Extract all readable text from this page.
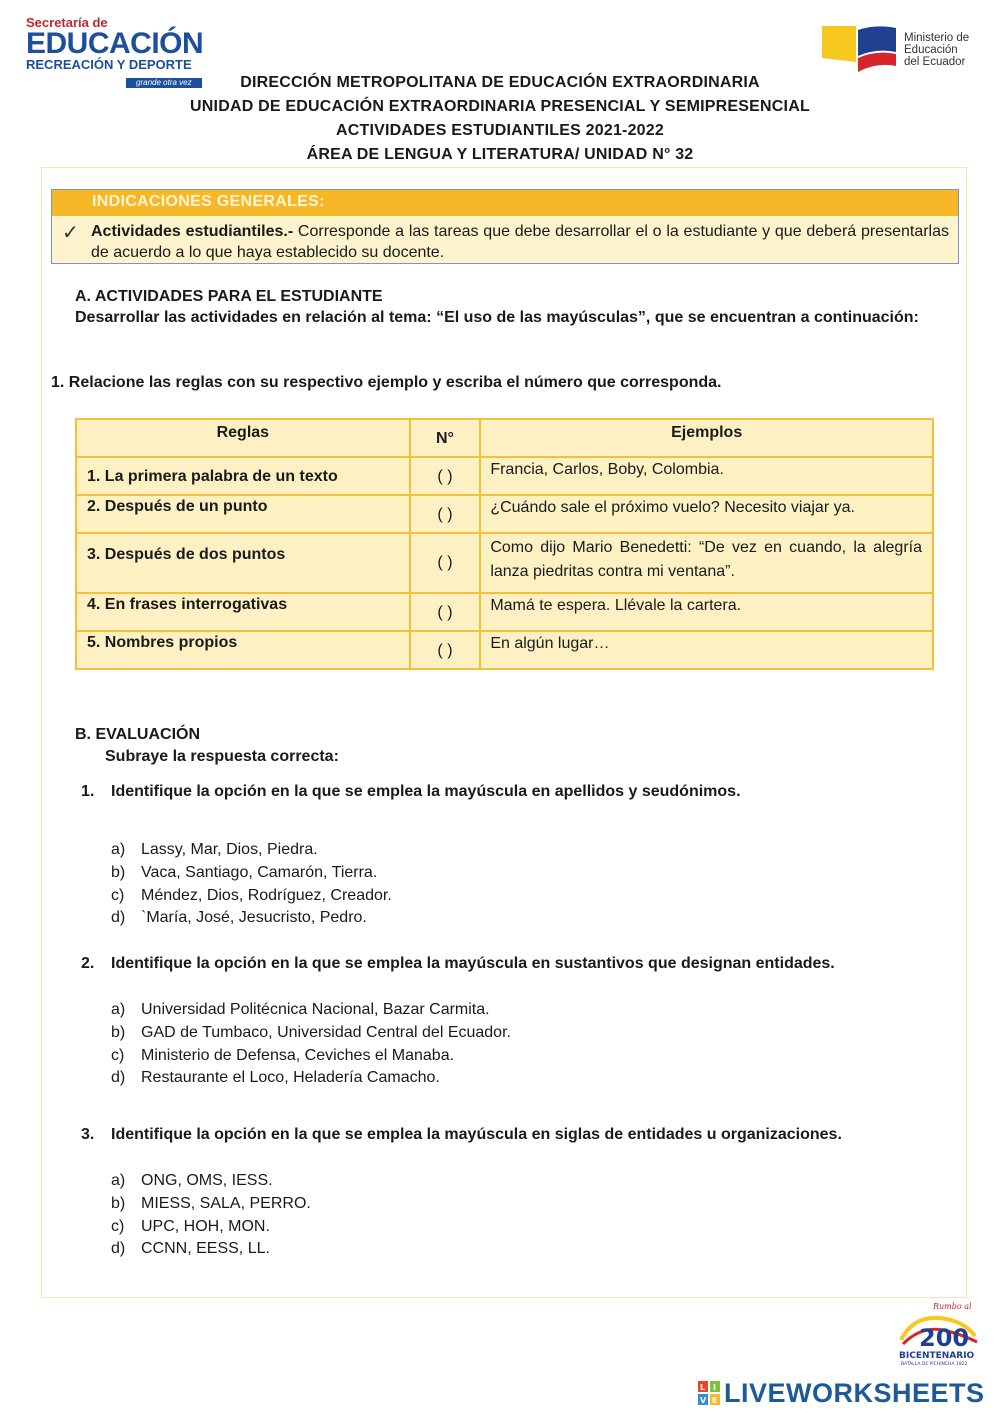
Secretaría de
EDUCACIÓN
RECREACIÓN Y DEPORTE
grande otra vez
Ministerio de
Educación
del Ecuador
DIRECCIÓN METROPOLITANA DE EDUCACIÓN EXTRAORDINARIA
UNIDAD DE EDUCACIÓN EXTRAORDINARIA PRESENCIAL Y SEMIPRESENCIAL
ACTIVIDADES ESTUDIANTILES 2021-2022
ÁREA DE LENGUA Y LITERATURA/ UNIDAD N° 32
INDICACIONES GENERALES:
✓ Actividades estudiantiles.- Corresponde a las tareas que debe desarrollar el o la estudiante y que deberá presentarlas de acuerdo a lo que haya establecido su docente.
A. ACTIVIDADES PARA EL ESTUDIANTE
Desarrollar las actividades en relación al tema: “El uso de las mayúsculas”, que se encuentran a continuación:
1. Relacione las reglas con su respectivo ejemplo y escriba el número que corresponda.
Reglas	N°	Ejemplos
1. La primera palabra de un texto	( )	Francia, Carlos, Boby, Colombia.
2. Después de un punto	( )	¿Cuándo sale el próximo vuelo? Necesito viajar ya.
3. Después de dos puntos	( )	Como dijo Mario Benedetti: “De vez en cuando, la alegría lanza piedritas contra mi ventana”.
4. En frases interrogativas	( )	Mamá te espera. Llévale la cartera.
5. Nombres propios	( )	En algún lugar…
B. EVALUACIÓN
Subraye la respuesta correcta:
1. Identifique la opción en la que se emplea la mayúscula en apellidos y seudónimos.
a) Lassy, Mar, Dios, Piedra.
b) Vaca, Santiago, Camarón, Tierra.
c) Méndez, Dios, Rodríguez, Creador.
d) `María, José, Jesucristo, Pedro.
2. Identifique la opción en la que se emplea la mayúscula en sustantivos que designan entidades.
a) Universidad Politécnica Nacional, Bazar Carmita.
b) GAD de Tumbaco, Universidad Central del Ecuador.
c) Ministerio de Defensa, Ceviches el Manaba.
d) Restaurante el Loco, Heladería Camacho.
3. Identifique la opción en la que se emplea la mayúscula en siglas de entidades u organizaciones.
a) ONG, OMS, IESS.
b) MIESS, SALA, PERRO.
c) UPC, HOH, MON.
d) CCNN, EESS, LL.
Rumbo al
200
BICENTENARIO
BATALLA DE PICHINCHA 1822
L I
V E LIVEWORKSHEETS
